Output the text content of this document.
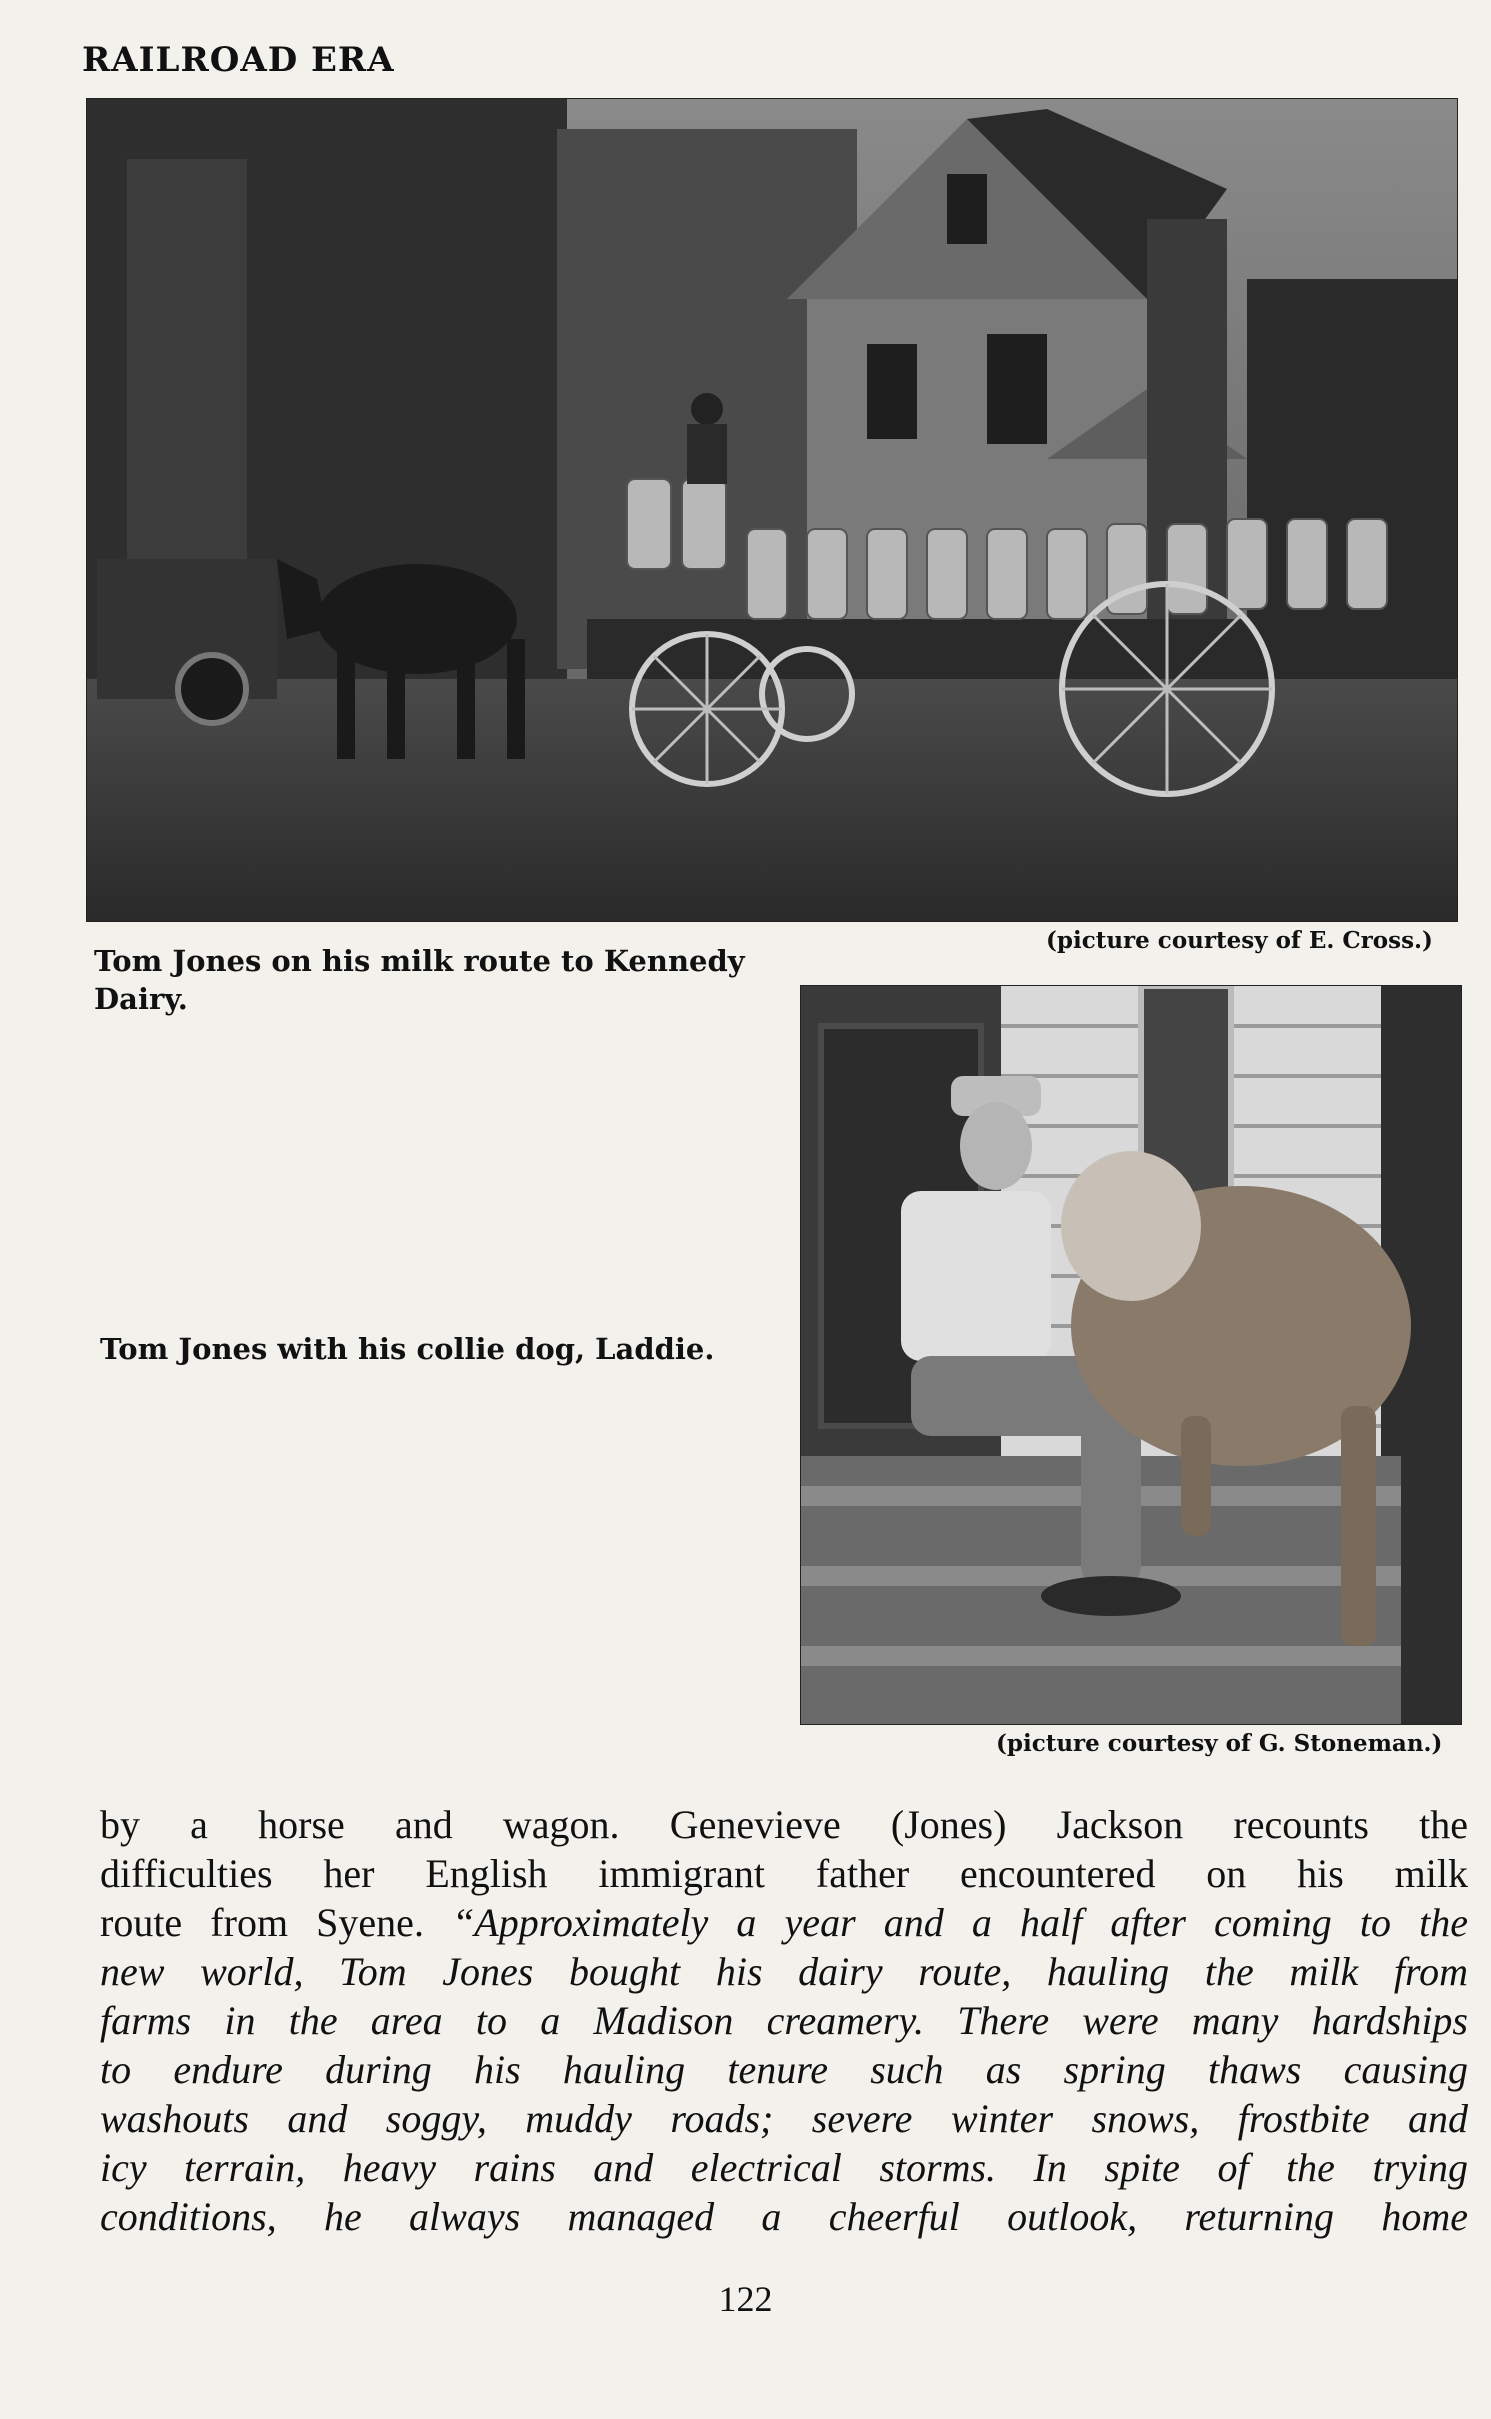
RAILROAD ERA
Tom Jones on his milk route to Kennedy Dairy.
(picture courtesy of E. Cross.)
Tom Jones with his collie dog, Laddie.
(picture courtesy of G. Stoneman.)

by a horse and wagon. Genevieve (Jones) Jackson recounts the

difficulties her English immigrant father encountered on his milk

route from Syene. “Approximately a year and a half after coming to the

new world, Tom Jones bought his dairy route, hauling the milk from

farms in the area to a Madison creamery. There were many hardships

to endure during his hauling tenure such as spring thaws causing

washouts and soggy, muddy roads; severe winter snows, frostbite and

icy terrain, heavy rains and electrical storms. In spite of the trying

conditions, he always managed a cheerful outlook, returning home

122
